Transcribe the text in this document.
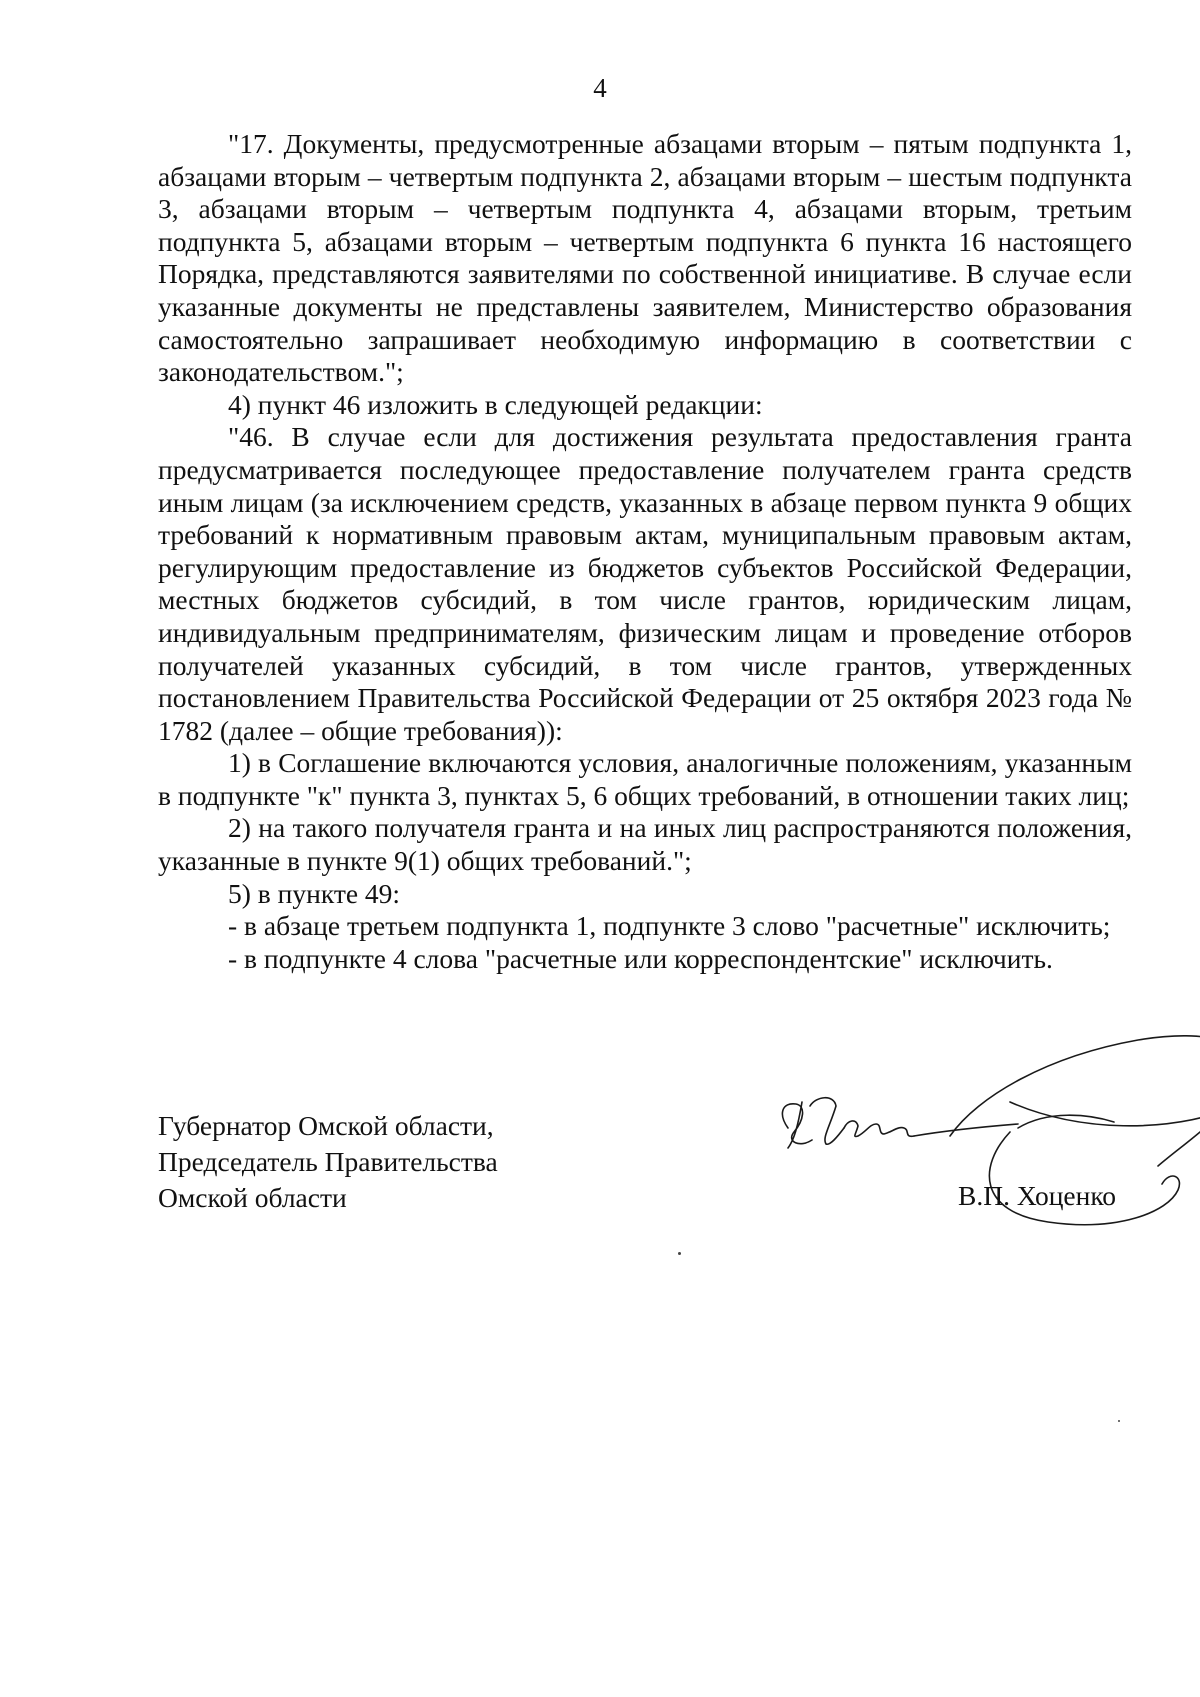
4

"17. Документы, предусмотренные абзацами вторым – пятым подпункта 1, абзацами вторым – четвертым подпункта 2, абзацами вторым – шестым подпункта 3, абзацами вторым – четвертым подпункта 4, абзацами вторым, третьим подпункта 5, абзацами вторым – четвертым подпункта 6 пункта 16 настоящего Порядка, представляются заявителями по собственной инициативе. В случае если указанные документы не представлены заявителем, Министерство образования самостоятельно запрашивает необходимую информацию в соответствии с законодательством.";

4) пункт 46 изложить в следующей редакции:

"46. В случае если для достижения результата предоставления гранта предусматривается последующее предоставление получателем гранта средств иным лицам (за исключением средств, указанных в абзаце первом пункта 9 общих требований к нормативным правовым актам, муниципальным правовым актам, регулирующим предоставление из бюджетов субъектов Российской Федерации, местных бюджетов субсидий, в том числе грантов, юридическим лицам, индивидуальным предпринимателям, физическим лицам и проведение отборов получателей указанных субсидий, в том числе грантов, утвержденных постановлением Правительства Российской Федерации от 25 октября 2023 года № 1782 (далее – общие требования)):

1) в Соглашение включаются условия, аналогичные положениям, указанным в подпункте "к" пункта 3, пунктах 5, 6 общих требований, в отношении таких лиц;

2) на такого получателя гранта и на иных лиц распространяются положения, указанные в пункте 9(1) общих требований.";

5) в пункте 49:

- в абзаце третьем подпункта 1, подпункте 3 слово "расчетные" исключить;

- в подпункте 4 слова "расчетные или корреспондентские" исключить.

Губернатор Омской области,
Председатель Правительства
Омской области	В.П. Хоценко
